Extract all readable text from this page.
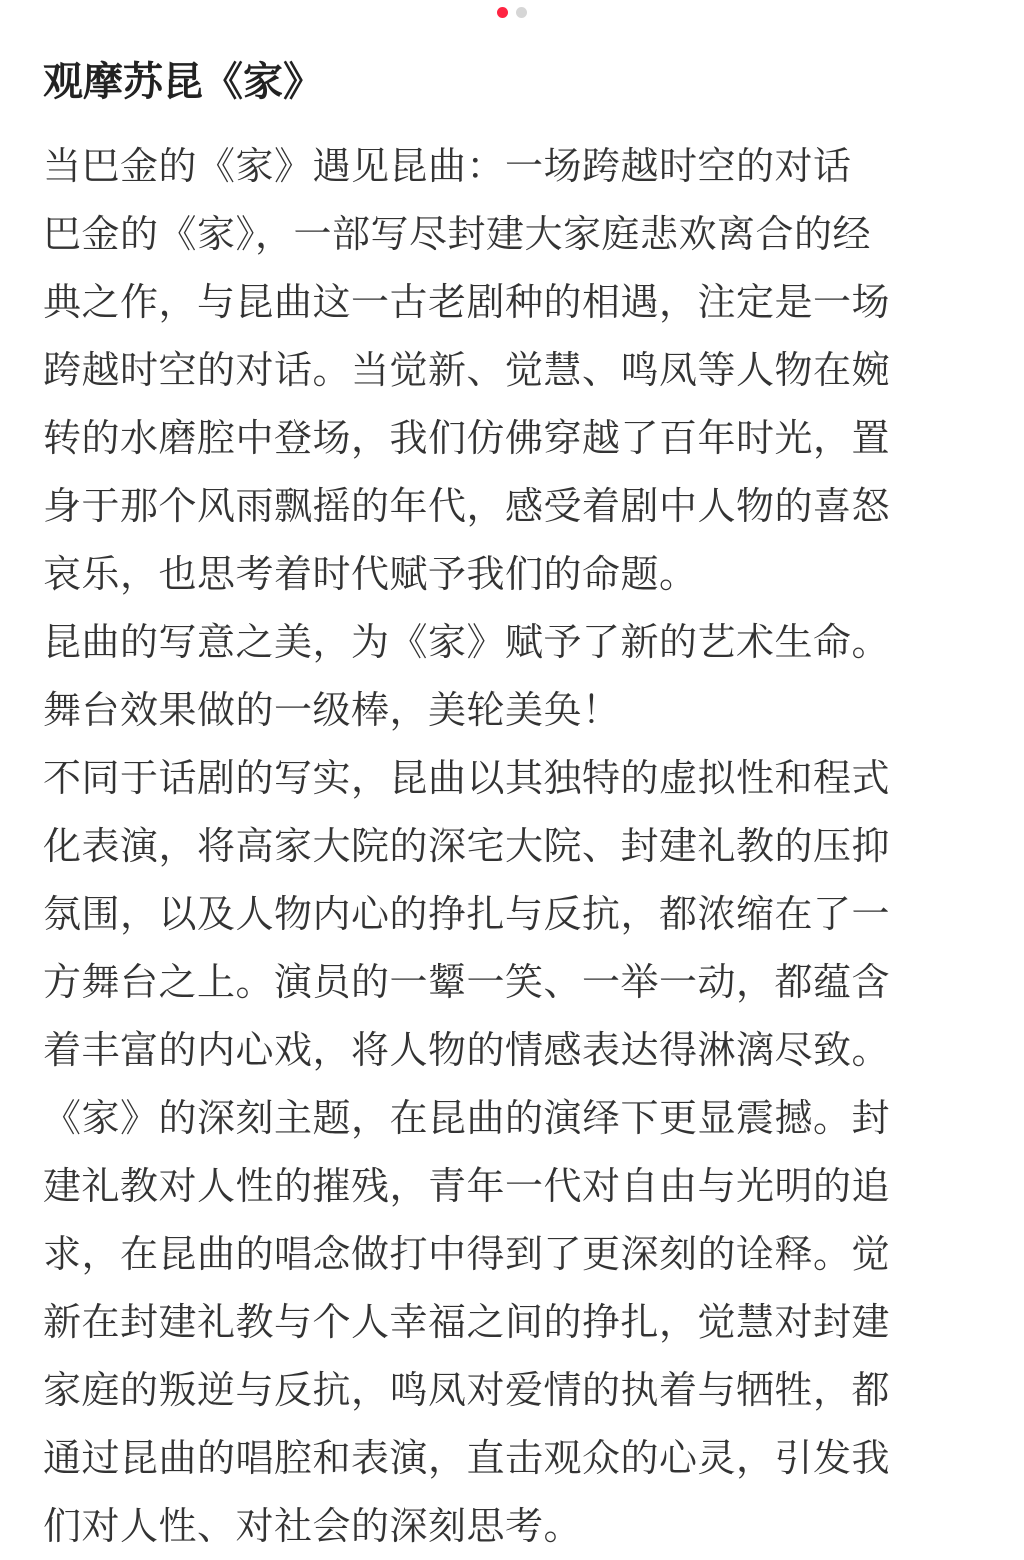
观摩苏昆《家》

当巴金的《家》遇见昆曲：一场跨越时空的对话

巴金的《家》，一部写尽封建大家庭悲欢离合的经

典之作，与昆曲这一古老剧种的相遇，注定是一场

跨越时空的对话。当觉新、觉慧、鸣凤等人物在婉

转的水磨腔中登场，我们仿佛穿越了百年时光，置

身于那个风雨飘摇的年代，感受着剧中人物的喜怒

哀乐，也思考着时代赋予我们的命题。

昆曲的写意之美，为《家》赋予了新的艺术生命。

舞台效果做的一级棒，美轮美奂！

不同于话剧的写实，昆曲以其独特的虚拟性和程式

化表演，将高家大院的深宅大院、封建礼教的压抑

氛围，以及人物内心的挣扎与反抗，都浓缩在了一

方舞台之上。演员的一颦一笑、一举一动，都蕴含

着丰富的内心戏，将人物的情感表达得淋漓尽致。

《家》的深刻主题，在昆曲的演绎下更显震撼。封

建礼教对人性的摧残，青年一代对自由与光明的追

求，在昆曲的唱念做打中得到了更深刻的诠释。觉

新在封建礼教与个人幸福之间的挣扎，觉慧对封建

家庭的叛逆与反抗，鸣凤对爱情的执着与牺牲，都

通过昆曲的唱腔和表演，直击观众的心灵，引发我

们对人性、对社会的深刻思考。
